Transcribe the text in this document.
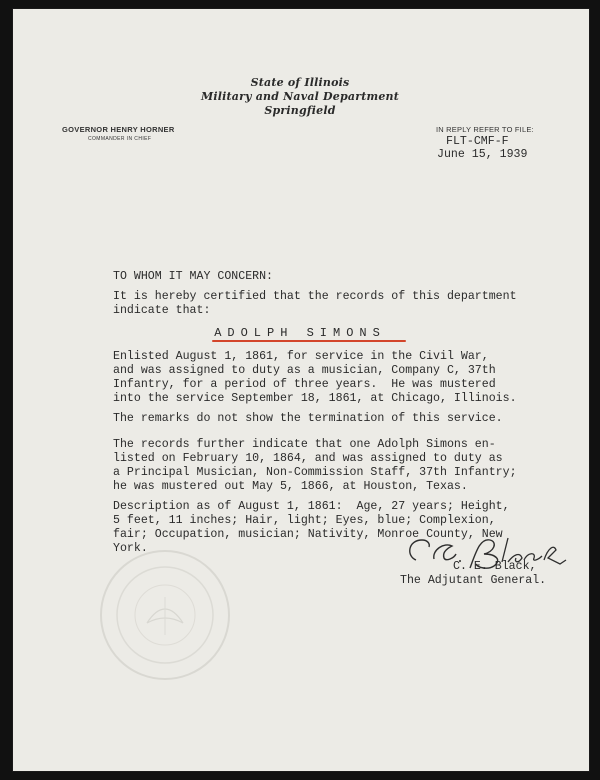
State of Illinois
Military and Naval Department
Springfield
GOVERNOR HENRY HORNER
COMMANDER IN CHIEF
IN REPLY REFER TO FILE:
FLT-CMF-F
June 15, 1939
TO WHOM IT MAY CONCERN:
It is hereby certified that the records of this department
indicate that:
ADOLPH SIMONS
Enlisted August 1, 1861, for service in the Civil War,
and was assigned to duty as a musician, Company C, 37th
Infantry, for a period of three years.  He was mustered
into the service September 18, 1861, at Chicago, Illinois.
The remarks do not show the termination of this service.
The records further indicate that one Adolph Simons en-
listed on February 10, 1864, and was assigned to duty as
a Principal Musician, Non-Commission Staff, 37th Infantry;
he was mustered out May 5, 1866, at Houston, Texas.
Description as of August 1, 1861:  Age, 27 years; Height,
5 feet, 11 inches; Hair, light; Eyes, blue; Complexion,
fair; Occupation, musician; Nativity, Monroe County, New
York.
C. E. Black,
The Adjutant General.
